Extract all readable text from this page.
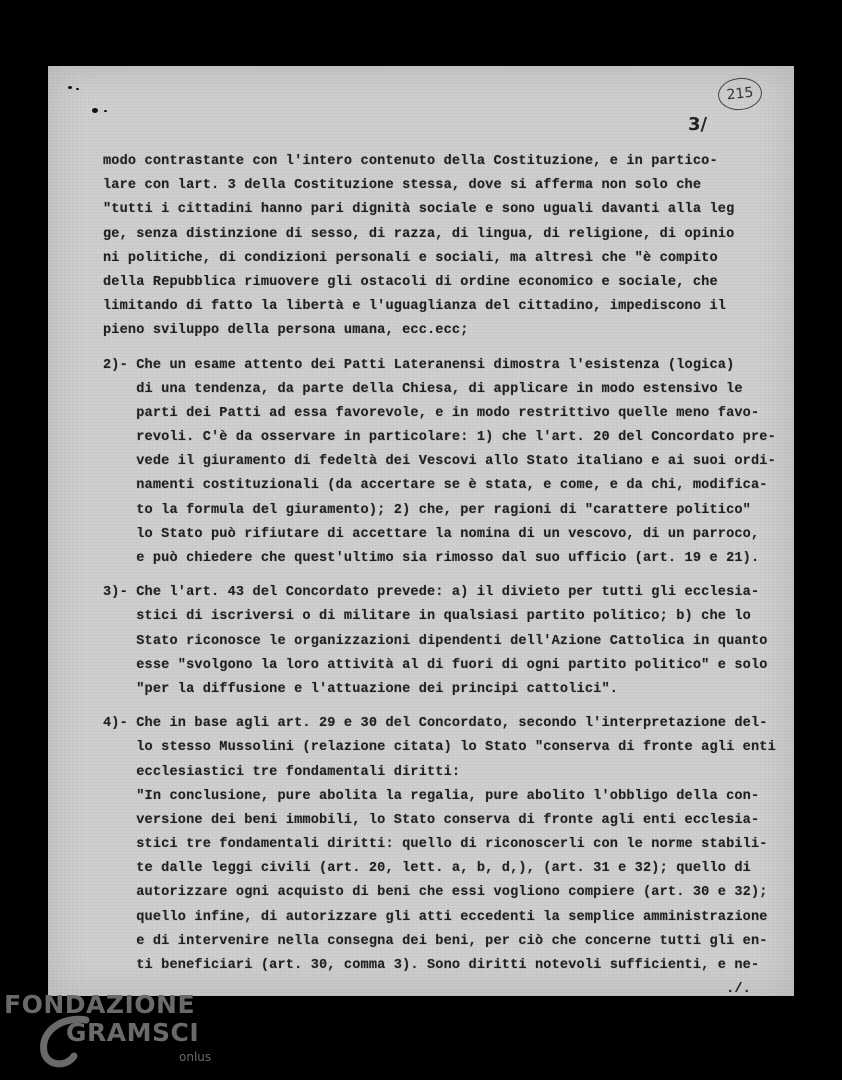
215
3/
modo contrastante con l'intero contenuto della Costituzione, e in partico-
lare con lart. 3 della Costituzione stessa, dove si afferma non solo che
"tutti i cittadini hanno pari dignità sociale e sono uguali davanti alla leg
ge, senza distinzione di sesso, di razza, di lingua, di religione, di opinio
ni politiche, di condizioni personali e sociali, ma altresì che "è compito
della Repubblica rimuovere gli ostacoli di ordine economico e sociale, che
limitando di fatto la libertà e l'uguaglianza del cittadino, impediscono il
pieno sviluppo della persona umana, ecc.ecc;
2)- Che un esame attento dei Patti Lateranensi dimostra l'esistenza (logica)
di una tendenza, da parte della Chiesa, di applicare in modo estensivo le
parti dei Patti ad essa favorevole, e in modo restrittivo quelle meno favo-
revoli. C'è da osservare in particolare: 1) che l'art. 20 del Concordato pre-
vede il giuramento di fedeltà dei Vescovi allo Stato italiano e ai suoi ordi-
namenti costituzionali (da accertare se è stata, e come, e da chi, modifica-
to la formula del giuramento); 2) che, per ragioni di "carattere politico"
lo Stato può rifiutare di accettare la nomina di un vescovo, di un parroco,
e può chiedere che quest'ultimo sia rimosso dal suo ufficio (art. 19 e 21).
3)- Che l'art. 43 del Concordato prevede: a) il divieto per tutti gli ecclesia-
stici di iscriversi o di militare in qualsiasi partito politico; b) che lo
Stato riconosce le organizzazioni dipendenti dell'Azione Cattolica in quanto
esse "svolgono la loro attività al di fuori di ogni partito politico" e solo
"per la diffusione e l'attuazione dei principi cattolici".
4)- Che in base agli art. 29 e 30 del Concordato, secondo l'interpretazione del-
lo stesso Mussolini (relazione citata) lo Stato "conserva di fronte agli enti
ecclesiastici tre fondamentali diritti:
"In conclusione, pure abolita la regalia, pure abolito l'obbligo della con-
versione dei beni immobili, lo Stato conserva di fronte agli enti ecclesia-
stici tre fondamentali diritti: quello di riconoscerli con le norme stabili-
te dalle leggi civili (art. 20, lett. a, b, d,), (art. 31 e 32); quello di
autorizzare ogni acquisto di beni che essi vogliono compiere (art. 30 e 32);
quello infine, di autorizzare gli atti eccedenti la semplice amministrazione
e di intervenire nella consegna dei beni, per ciò che concerne tutti gli en-
ti beneficiari (art. 30, comma 3). Sono diritti notevoli sufficienti, e ne-
./.
FONDAZIONE
GRAMSCI
onlus
